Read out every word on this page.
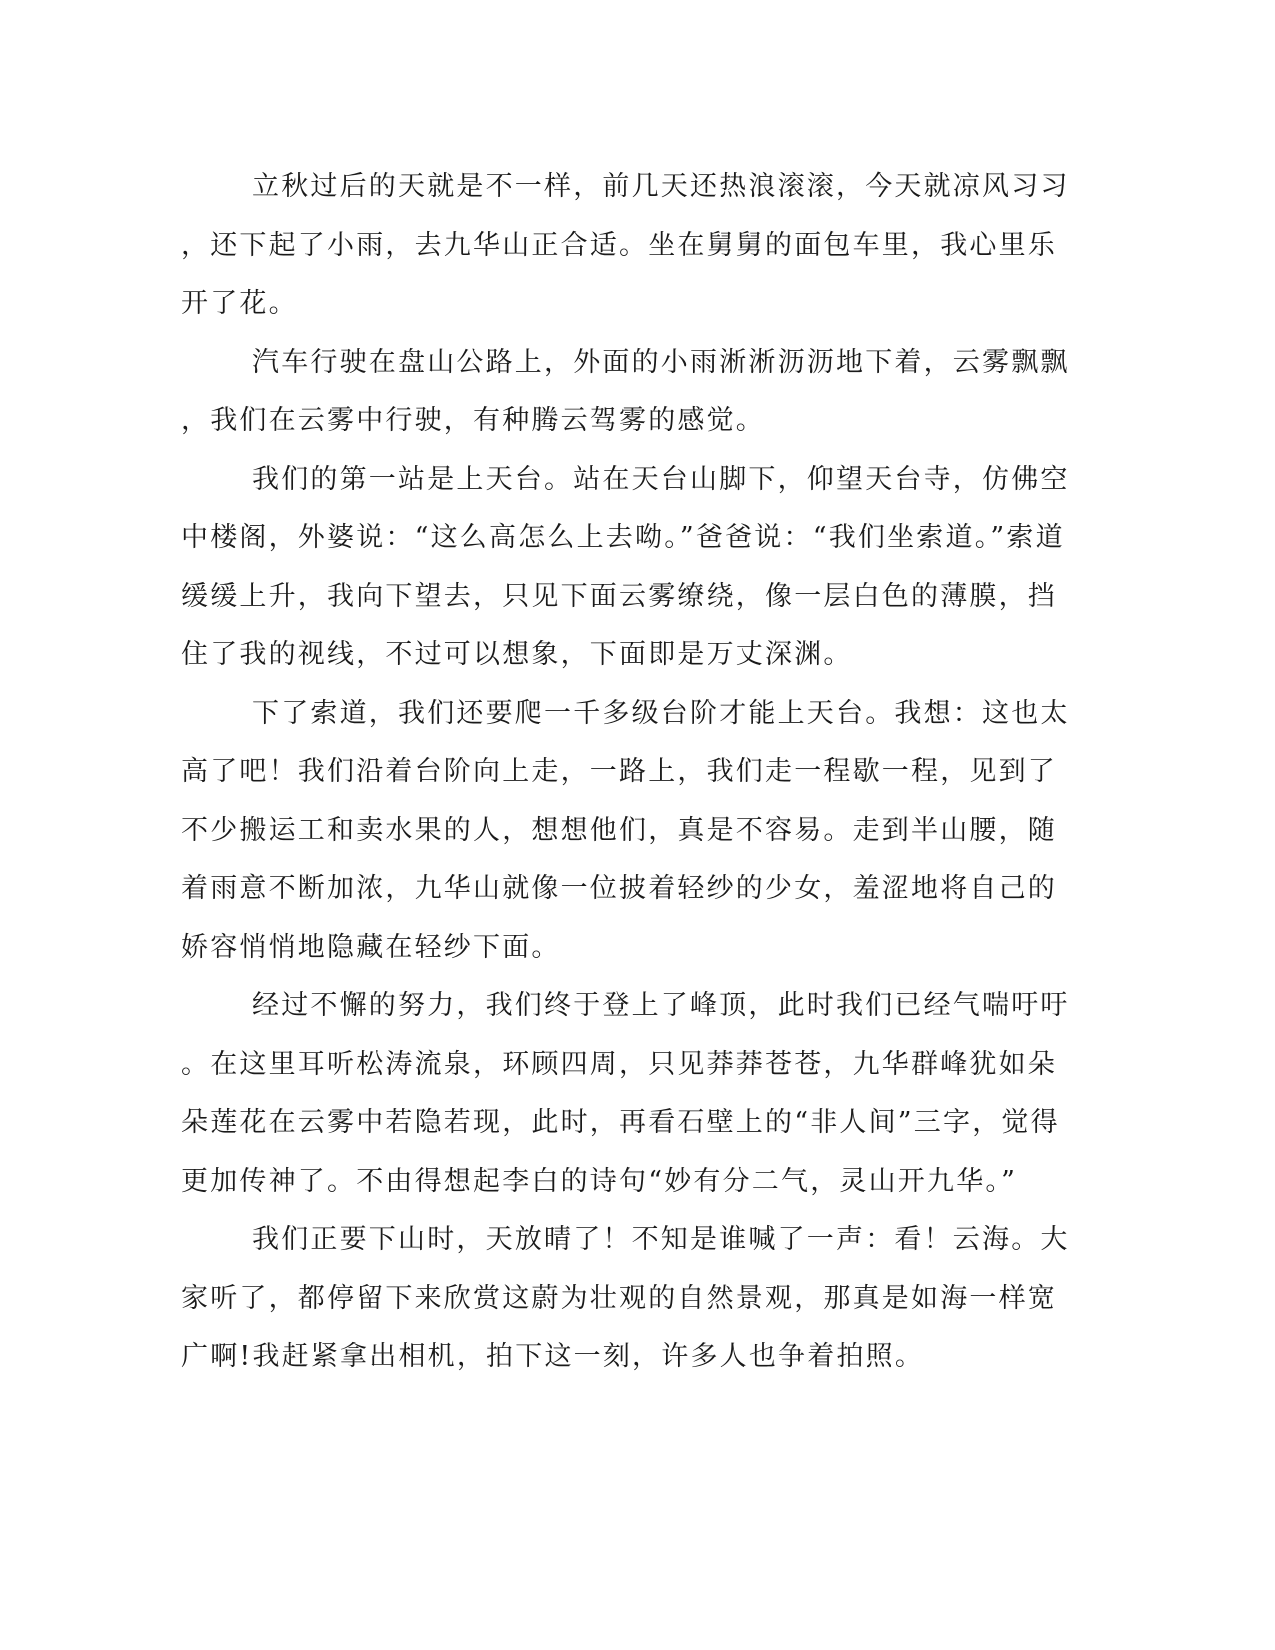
立秋过后的天就是不一样，前几天还热浪滚滚，今天就凉风习习
，还下起了小雨，去九华山正合适。坐在舅舅的面包车里，我心里乐
开了花。
汽车行驶在盘山公路上，外面的小雨淅淅沥沥地下着，云雾飘飘
，我们在云雾中行驶，有种腾云驾雾的感觉。
我们的第一站是上天台。站在天台山脚下，仰望天台寺，仿佛空
中楼阁，外婆说：“这么高怎么上去呦。”爸爸说：“我们坐索道。”索道
缓缓上升，我向下望去，只见下面云雾缭绕，像一层白色的薄膜，挡
住了我的视线，不过可以想象，下面即是万丈深渊。
下了索道，我们还要爬一千多级台阶才能上天台。我想：这也太
高了吧！我们沿着台阶向上走，一路上，我们走一程歇一程，见到了
不少搬运工和卖水果的人，想想他们，真是不容易。走到半山腰，随
着雨意不断加浓，九华山就像一位披着轻纱的少女，羞涩地将自己的
娇容悄悄地隐藏在轻纱下面。
经过不懈的努力，我们终于登上了峰顶，此时我们已经气喘吁吁
。在这里耳听松涛流泉，环顾四周，只见莽莽苍苍，九华群峰犹如朵
朵莲花在云雾中若隐若现，此时，再看石壁上的“非人间”三字，觉得
更加传神了。不由得想起李白的诗句“妙有分二气，灵山开九华。”
我们正要下山时，天放晴了！不知是谁喊了一声：看！云海。大
家听了，都停留下来欣赏这蔚为壮观的自然景观，那真是如海一样宽
广啊!我赶紧拿出相机，拍下这一刻，许多人也争着拍照。
